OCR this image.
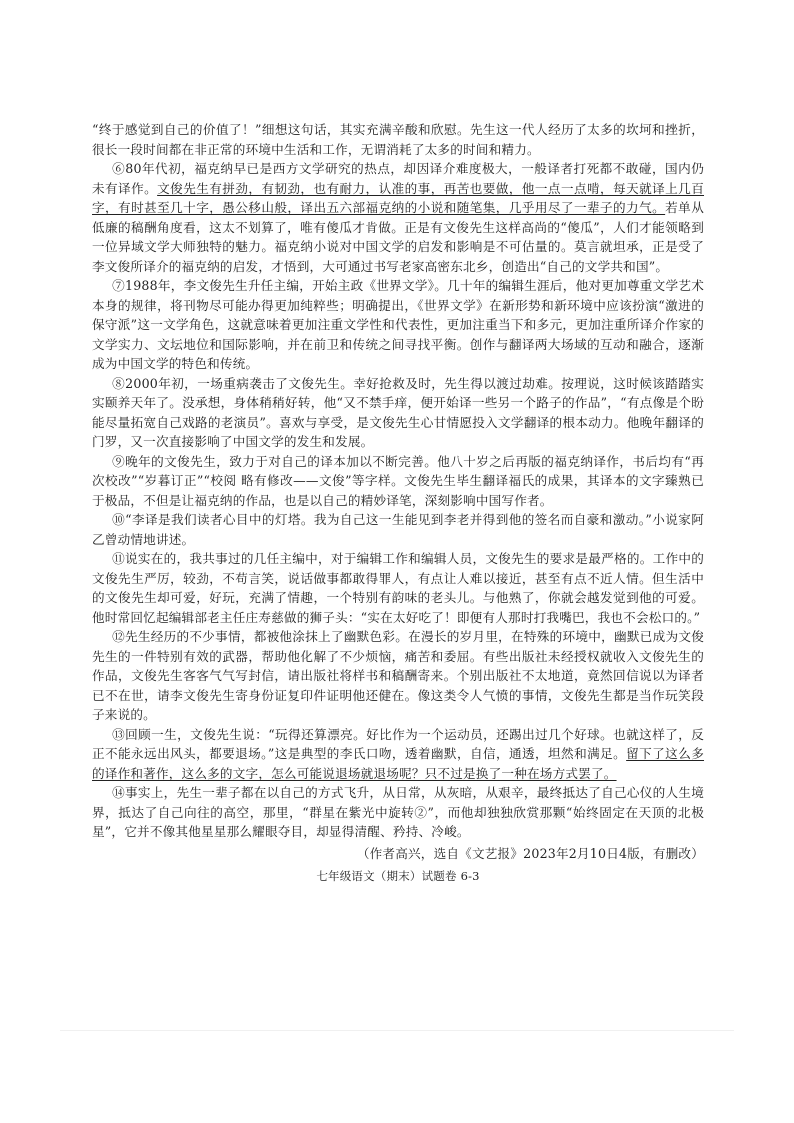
“终于感觉到自己的价值了！”细想这句话，其实充满辛酸和欣慰。先生这一代人经历了太多的坎坷和挫折，很长一段时间都在非正常的环境中生活和工作，无谓消耗了太多的时间和精力。
⑥80年代初，福克纳早已是西方文学研究的热点，却因译介难度极大，一般译者打死都不敢碰，国内仍未有译作。文俊先生有拼劲，有韧劲，也有耐力，认准的事，再苦也要做，他一点一点啃，每天就译上几百字，有时甚至几十字，愚公移山般，译出五六部福克纳的小说和随笔集，几乎用尽了一辈子的力气。若单从低廉的稿酬角度看，这太不划算了，唯有傻瓜才肯做。正是有文俊先生这样高尚的“傻瓜”，人们才能领略到一位异域文学大师独特的魅力。福克纳小说对中国文学的启发和影响是不可估量的。莫言就坦承，正是受了李文俊所译介的福克纳的启发，才悟到，大可通过书写老家高密东北乡，创造出“自己的文学共和国”。
⑦1988年，李文俊先生升任主编，开始主政《世界文学》。几十年的编辑生涯后，他对更加尊重文学艺术本身的规律，将刊物尽可能办得更加纯粹些；明确提出，《世界文学》在新形势和新环境中应该扮演“激进的保守派”这一文学角色，这就意味着更加注重文学性和代表性，更加注重当下和多元，更加注重所译介作家的文学实力、文坛地位和国际影响，并在前卫和传统之间寻找平衡。创作与翻译两大场域的互动和融合，逐渐成为中国文学的特色和传统。
⑧2000年初，一场重病袭击了文俊先生。幸好抢救及时，先生得以渡过劫难。按理说，这时候该踏踏实实颐养天年了。没承想，身体稍稍好转，他“又不禁手痒，便开始译一些另一个路子的作品”，“有点像是个盼能尽量拓宽自己戏路的老演员”。喜欢与享受，是文俊先生心甘情愿投入文学翻译的根本动力。他晚年翻译的门罗，又一次直接影响了中国文学的发生和发展。
⑨晚年的文俊先生，致力于对自己的译本加以不断完善。他八十岁之后再版的福克纳译作，书后均有“再次校改”“岁暮订正”“校阅 略有修改——文俊”等字样。文俊先生毕生翻译福氏的成果，其译本的文字臻熟已于极品，不但是让福克纳的作品，也是以自己的精妙译笔，深刻影响中国写作者。
⑩“李译是我们读者心目中的灯塔。我为自己这一生能见到李老并得到他的签名而自豪和激动。”小说家阿乙曾动情地讲述。
⑪说实在的，我共事过的几任主编中，对于编辑工作和编辑人员，文俊先生的要求是最严格的。工作中的文俊先生严厉，较劲，不苟言笑，说话做事都敢得罪人，有点让人难以接近，甚至有点不近人情。但生活中的文俊先生却可爱，好玩，充满了情趣，一个特别有韵味的老头儿。与他熟了，你就会越发觉到他的可爱。他时常回忆起编辑部老主任庄寿慈做的狮子头：“实在太好吃了！即便有人那时打我嘴巴，我也不会松口的。”
⑫先生经历的不少事情，都被他涂抹上了幽默色彩。在漫长的岁月里，在特殊的环境中，幽默已成为文俊先生的一件特别有效的武器，帮助他化解了不少烦恼，痛苦和委屈。有些出版社未经授权就收入文俊先生的作品，文俊先生客客气气写封信，请出版社将样书和稿酬寄来。个别出版社不太地道，竟然回信说以为译者已不在世，请李文俊先生寄身份证复印件证明他还健在。像这类令人气愤的事情，文俊先生都是当作玩笑段子来说的。
⑬回顾一生，文俊先生说：“玩得还算漂亮。好比作为一个运动员，还踢出过几个好球。也就这样了，反正不能永远出风头，都要退场。”这是典型的李氏口吻，透着幽默，自信，通透，坦然和满足。留下了这么多的译作和著作，这么多的文字，怎么可能说退场就退场呢？只不过是换了一种在场方式罢了。
⑭事实上，先生一辈子都在以自己的方式飞升，从日常，从灰暗，从艰辛，最终抵达了自己心仪的人生境界，抵达了自己向往的高空，那里，“群星在紫光中旋转②”，而他却独独欣赏那颗“始终固定在天顶的北极星”，它并不像其他星星那么耀眼夺目，却显得清醒、矜持、冷峻。
（作者高兴，选自《文艺报》2023年2月10日4版，有删改）
七年级语文（期末）试题卷 6-3
